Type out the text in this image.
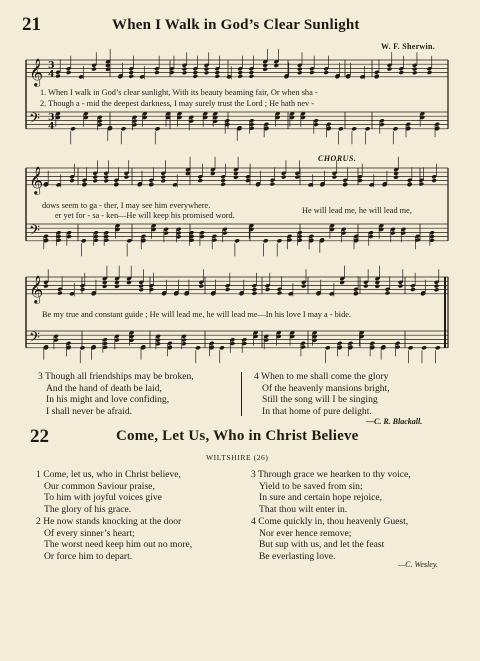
21	When I Walk in God’s Clear Sunlight
W. F. Sherwin.
𝄞
𝄢
𝄞
𝄢
𝄞
𝄢
3
4
3
4
CHORUS.
1. When I walk in God’s clear sunlight, With its beauty beaming fair, Or when sha -
2. Though a - mid the deepest darkness, I may surely trust the Lord ; He hath nev -
dows seem to ga - ther, I may see him everywhere.
er yet for - sa - ken—He will keep his promised word.
He will lead me, he will lead me,
Be my true and constant guide ; He will lead me, he will lead me—In his love I may a - bide.
3 Though all friendships may be broken,
And the hand of death be laid,
In his might and love confiding,
I shall never be afraid.
4 When to me shall come the glory
Of the heavenly mansions bright,
Still the song will I be singing
In that home of pure delight.
—C. R. Blackall.
22	Come, Let Us, Who in Christ Believe
WILTSHIRE (26)
1 Come, let us, who in Christ believe,
Our common Saviour praise,
To him with joyful voices give
The glory of his grace.
3 Through grace we hearken to thy voice,
Yield to be saved from sin;
In sure and certain hope rejoice,
That thou wilt enter in.
2 He now stands knocking at the door
Of every sinner’s heart;
The worst need keep him out no more,
Or force him to depart.
4 Come quickly in, thou heavenly Guest,
Nor ever hence remove;
But sup with us, and let the feast
Be everlasting love.
—C. Wesley.
